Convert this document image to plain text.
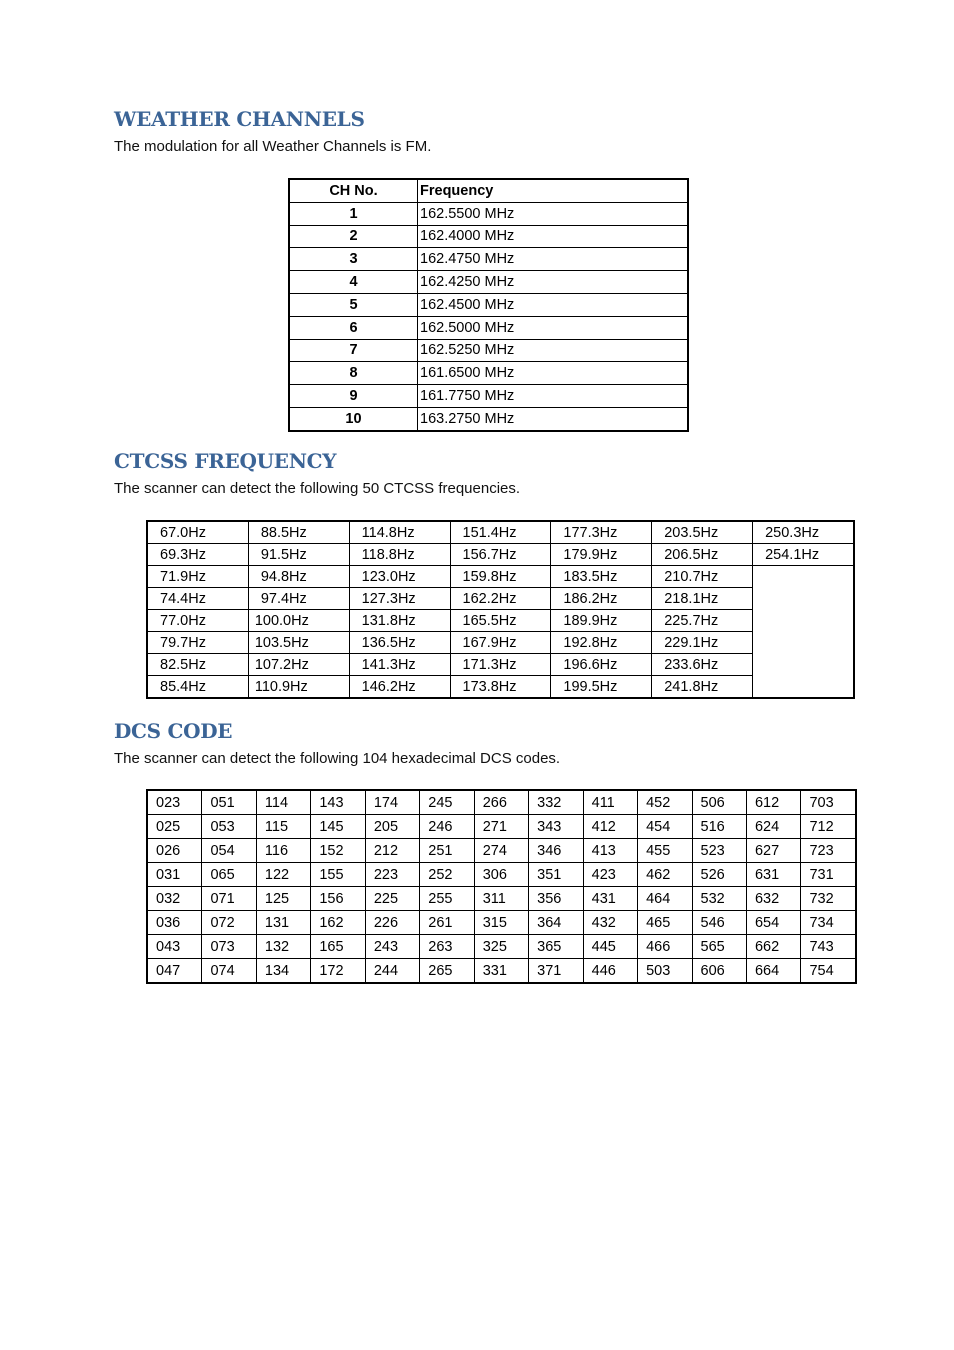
WEATHER CHANNELS

The modulation for all Weather Channels is FM.

CH No.	Frequency
1	162.5500 MHz
2	162.4000 MHz
3	162.4750 MHz
4	162.4250 MHz
5	162.4500 MHz
6	162.5000 MHz
7	162.5250 MHz
8	161.6500 MHz
9	161.7750 MHz
10	163.2750 MHz
CTCSS FREQUENCY

The scanner can detect the following 50 CTCSS frequencies.

67.0Hz	88.5Hz	114.8Hz	151.4Hz	177.3Hz	203.5Hz	250.3Hz
69.3Hz	91.5Hz	118.8Hz	156.7Hz	179.9Hz	206.5Hz	254.1Hz
71.9Hz	94.8Hz	123.0Hz	159.8Hz	183.5Hz	210.7Hz	
74.4Hz	97.4Hz	127.3Hz	162.2Hz	186.2Hz	218.1Hz	
77.0Hz	100.0Hz	131.8Hz	165.5Hz	189.9Hz	225.7Hz	
79.7Hz	103.5Hz	136.5Hz	167.9Hz	192.8Hz	229.1Hz	
82.5Hz	107.2Hz	141.3Hz	171.3Hz	196.6Hz	233.6Hz	
85.4Hz	110.9Hz	146.2Hz	173.8Hz	199.5Hz	241.8Hz	
DCS CODE

The scanner can detect the following 104 hexadecimal DCS codes.

023	051	114	143	174	245	266	332	411	452	506	612	703
025	053	115	145	205	246	271	343	412	454	516	624	712
026	054	116	152	212	251	274	346	413	455	523	627	723
031	065	122	155	223	252	306	351	423	462	526	631	731
032	071	125	156	225	255	311	356	431	464	532	632	732
036	072	131	162	226	261	315	364	432	465	546	654	734
043	073	132	165	243	263	325	365	445	466	565	662	743
047	074	134	172	244	265	331	371	446	503	606	664	754
